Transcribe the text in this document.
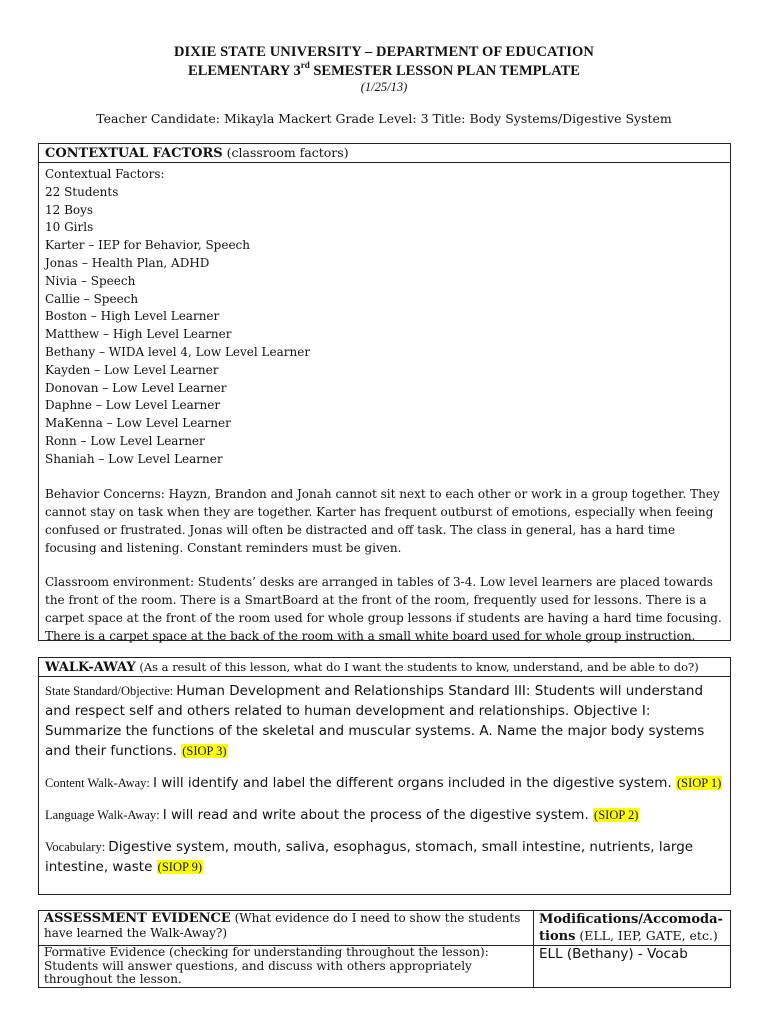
DIXIE STATE UNIVERSITY – DEPARTMENT OF EDUCATION
ELEMENTARY 3rd SEMESTER LESSON PLAN TEMPLATE
(1/25/13)
Teacher Candidate: Mikayla Mackert Grade Level: 3 Title: Body Systems/Digestive System
CONTEXTUAL FACTORS (classroom factors)
Contextual Factors:
22 Students
12 Boys
10 Girls
Karter – IEP for Behavior, Speech
Jonas – Health Plan, ADHD
Nivia – Speech
Callie – Speech
Boston – High Level Learner
Matthew – High Level Learner
Bethany – WIDA level 4, Low Level Learner
Kayden – Low Level Learner
Donovan – Low Level Learner
Daphne – Low Level Learner
MaKenna – Low Level Learner
Ronn – Low Level Learner
Shaniah – Low Level Learner
Behavior Concerns: Hayzn, Brandon and Jonah cannot sit next to each other or work in a group together. They cannot stay on task when they are together. Karter has frequent outburst of emotions, especially when feeing confused or frustrated. Jonas will often be distracted and off task. The class in general, has a hard time focusing and listening. Constant reminders must be given.
Classroom environment: Students’ desks are arranged in tables of 3-4. Low level learners are placed towards the front of the room. There is a SmartBoard at the front of the room, frequently used for lessons. There is a carpet space at the front of the room used for whole group lessons if students are having a hard time focusing. There is a carpet space at the back of the room with a small white board used for whole group instruction.
WALK-AWAY (As a result of this lesson, what do I want the students to know, understand, and be able to do?)
State Standard/Objective: Human Development and Relationships Standard III: Students will understand and respect self and others related to human development and relationships. Objective I: Summarize the functions of the skeletal and muscular systems. A. Name the major body systems and their functions. (SIOP 3)
Content Walk-Away: I will identify and label the different organs included in the digestive system. (SIOP 1)
Language Walk-Away: I will read and write about the process of the digestive system. (SIOP 2)
Vocabulary: Digestive system, mouth, saliva, esophagus, stomach, small intestine, nutrients, large intestine, waste (SIOP 9)
ASSESSMENT EVIDENCE (What evidence do I need to show the students have learned the Walk-Away?)	Modifications/Accomoda-tions (ELL, IEP, GATE, etc.)
Formative Evidence (checking for understanding throughout the lesson): Students will answer questions, and discuss with others appropriately throughout the lesson.	ELL (Bethany) - Vocab
